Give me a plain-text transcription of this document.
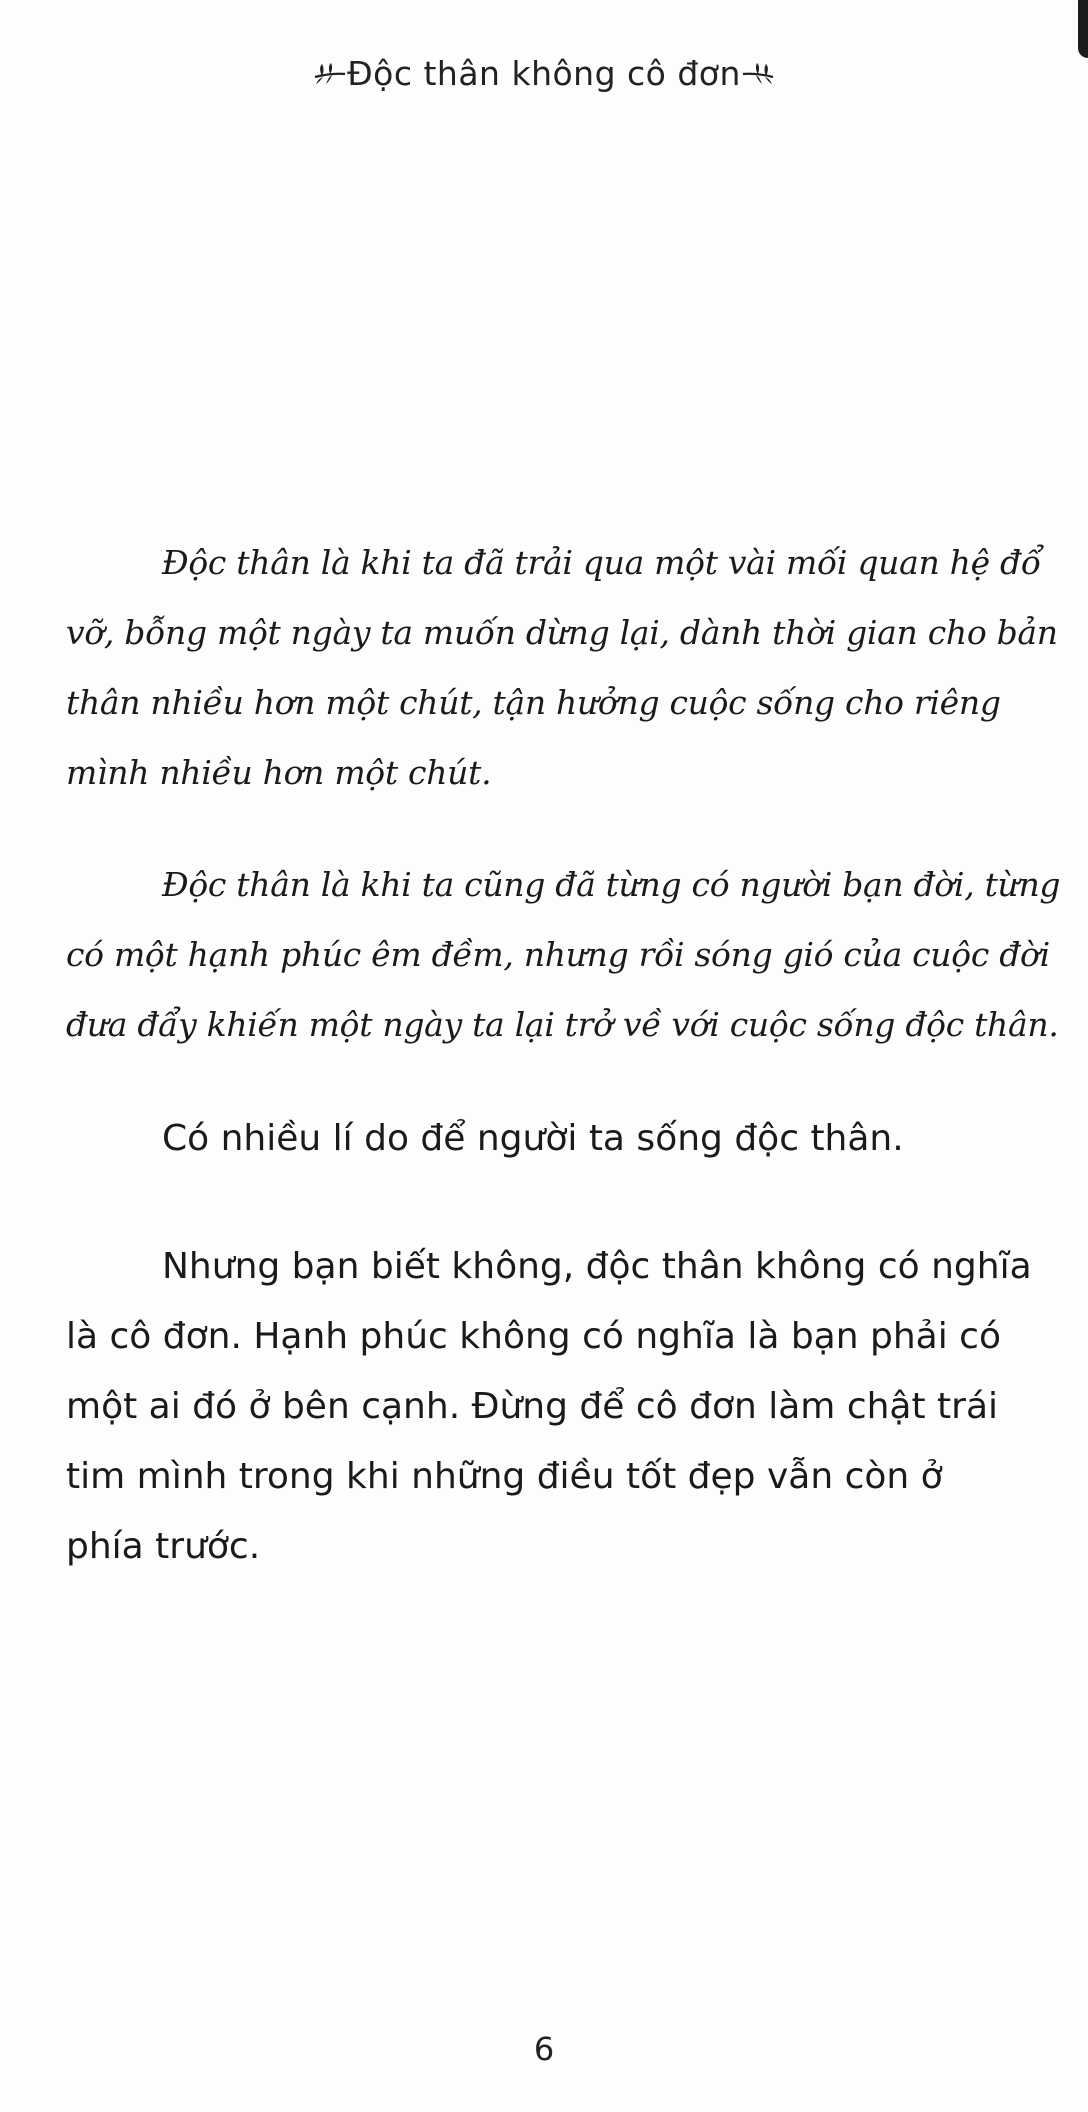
Độc thân không cô đơn
Độc thân là khi ta đã trải qua một vài mối quan hệ đổ
vỡ, bỗng một ngày ta muốn dừng lại, dành thời gian cho bản
thân nhiều hơn một chút, tận hưởng cuộc sống cho riêng
mình nhiều hơn một chút.
Độc thân là khi ta cũng đã từng có người bạn đời, từng
có một hạnh phúc êm đềm, nhưng rồi sóng gió của cuộc đời
đưa đẩy khiến một ngày ta lại trở về với cuộc sống độc thân.
Có nhiều lí do để người ta sống độc thân.
Nhưng bạn biết không, độc thân không có nghĩa
là cô đơn. Hạnh phúc không có nghĩa là bạn phải có
một ai đó ở bên cạnh. Đừng để cô đơn làm chật trái
tim mình trong khi những điều tốt đẹp vẫn còn ở
phía trước.
6
